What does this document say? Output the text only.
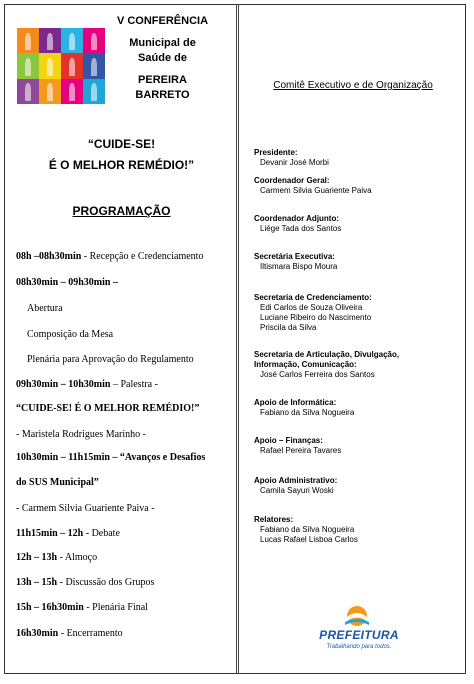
V CONFERÊNCIA
Municipal de
Saúde de
PEREIRA
BARRETO
“CUIDE-SE!
É O MELHOR REMÉDIO!”
PROGRAMAÇÃO
08h –08h30min - Recepção e Credenciamento
08h30min – 09h30min –
Abertura
Composição da Mesa
Plenária para Aprovação do Regulamento
09h30min – 10h30min – Palestra -
“CUIDE-SE! É O MELHOR REMÉDIO!”
- Maristela Rodrigues Marinho -
10h30min – 11h15min – “Avanços e Desafios
do SUS Municipal”
- Carmem Silvia Guariente Paiva -
11h15min – 12h - Debate
12h – 13h - Almoço
13h – 15h - Discussão dos Grupos
15h – 16h30min - Plenária Final
16h30min - Encerramento
Comitê Executivo e de Organização
Presidente:
Devanir José Morbi
Coordenador Geral:
Carmem Silvia Guariente Paiva
Coordenador Adjunto:
Liége Tada dos Santos
Secretária Executiva:
Iltismara Bispo Moura
Secretaria de Credenciamento:
Edi Carlos de Souza Oliveira
Luciane Ribeiro do Nascimento
Priscila da Silva
Secretaria de Articulação, Divulgação,
Informação, Comunicação:
José Carlos Ferreira dos Santos
Apoio de Informática:
Fabiano da Silva Nogueira
Apoio – Finanças:
Rafael Pereira Tavares
Apoio Administrativo:
Camila Sayuri Woski
Relatores:
Fabiano da Silva Nogueira
Lucas Rafael Lisboa Carlos
PREFEITURA
Trabalhando para todos.
